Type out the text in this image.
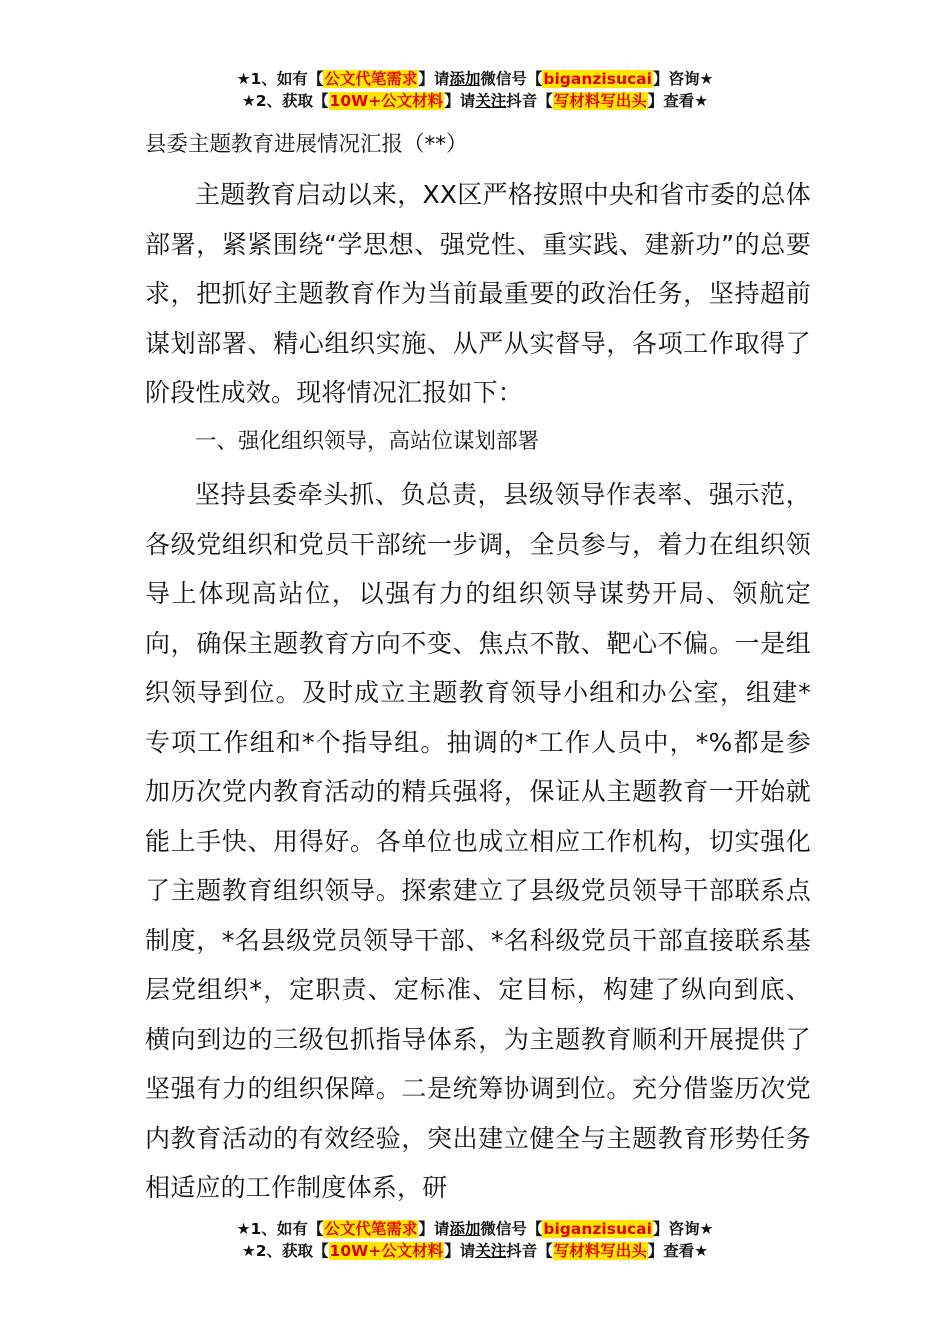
★1、如有【公文代笔需求】请添加微信号【biganzisucai】咨询★
★2、获取【10W+公文材料】请关注抖音【写材料写出头】查看★
县委主题教育进展情况汇报（**）
主题教育启动以来，XX区严格按照中央和省市委的总体部署，紧紧围绕“学思想、强党性、重实践、建新功”的总要求，把抓好主题教育作为当前最重要的政治任务，坚持超前谋划部署、精心组织实施、从严从实督导，各项工作取得了阶段性成效。现将情况汇报如下：
一、强化组织领导，高站位谋划部署
坚持县委牵头抓、负总责，县级领导作表率、强示范，各级党组织和党员干部统一步调，全员参与，着力在组织领导上体现高站位，以强有力的组织领导谋势开局、领航定向，确保主题教育方向不变、焦点不散、靶心不偏。一是组织领导到位。及时成立主题教育领导小组和办公室，组建*专项工作组和*个指导组。抽调的*工作人员中，*%都是参加历次党内教育活动的精兵强将，保证从主题教育一开始就能上手快、用得好。各单位也成立相应工作机构，切实强化了主题教育组织领导。探索建立了县级党员领导干部联系点制度，*名县级党员领导干部、*名科级党员干部直接联系基层党组织*，定职责、定标准、定目标，构建了纵向到底、横向到边的三级包抓指导体系，为主题教育顺利开展提供了坚强有力的组织保障。二是统筹协调到位。充分借鉴历次党内教育活动的有效经验，突出建立健全与主题教育形势任务相适应的工作制度体系，研
★1、如有【公文代笔需求】请添加微信号【biganzisucai】咨询★
★2、获取【10W+公文材料】请关注抖音【写材料写出头】查看★
